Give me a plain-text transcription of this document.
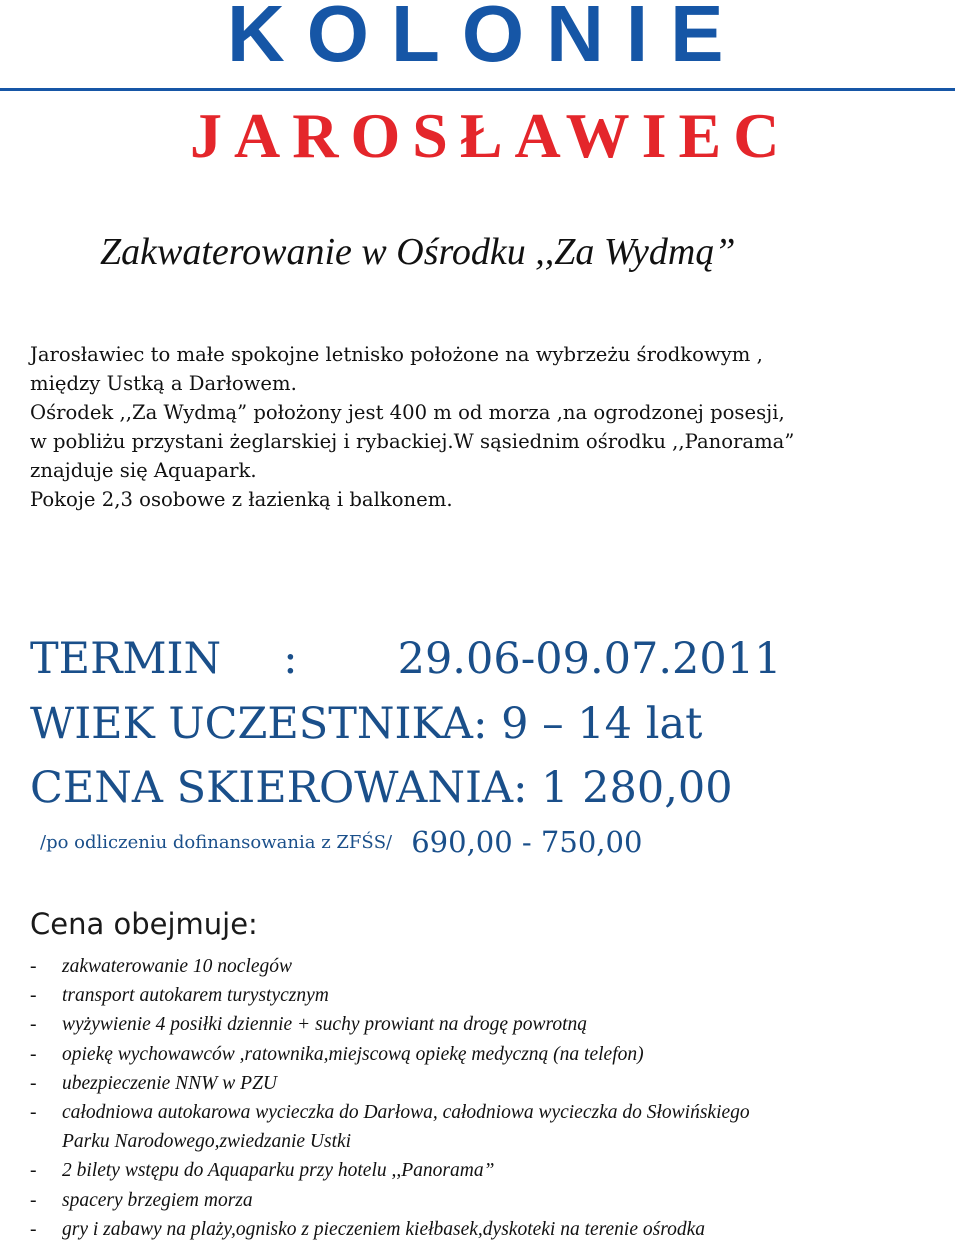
KOLONIE
JAROSŁAWIEC
Zakwaterowanie w Ośrodku ,,Za Wydmą”

Jarosławiec to małe spokojne letnisko położone na wybrzeżu środkowym ,

między Ustką a Darłowem.

Ośrodek ,,Za Wydmą” położony jest 400 m od morza ,na ogrodzonej posesji,

w pobliżu przystani żeglarskiej i rybackiej.W sąsiednim ośrodku ,,Panorama”

znajduje się Aquapark.

Pokoje 2,3 osobowe z łazienką i balkonem.

TERMIN : 29.06-09.07.2011
WIEK UCZESTNIKA: 9 – 14 lat
CENA SKIEROWANIA: 1 280,00
/po odliczeniu dofinansowania z ZFŚS/ 690,00 - 750,00
Cena obejmuje:
- zakwaterowanie 10 noclegów
- transport autokarem turystycznym
- wyżywienie 4 posiłki dziennie + suchy prowiant na drogę powrotną
- opiekę wychowawców ,ratownika,miejscową opiekę medyczną (na telefon)
- ubezpieczenie NNW w PZU
- całodniowa autokarowa wycieczka do Darłowa, całodniowa wycieczka do Słowińskiego
Parku Narodowego,zwiedzanie Ustki
- 2 bilety wstępu do Aquaparku przy hotelu ,,Panorama”
- spacery brzegiem morza
- gry i zabawy na plaży,ognisko z pieczeniem kiełbasek,dyskoteki na terenie ośrodka
